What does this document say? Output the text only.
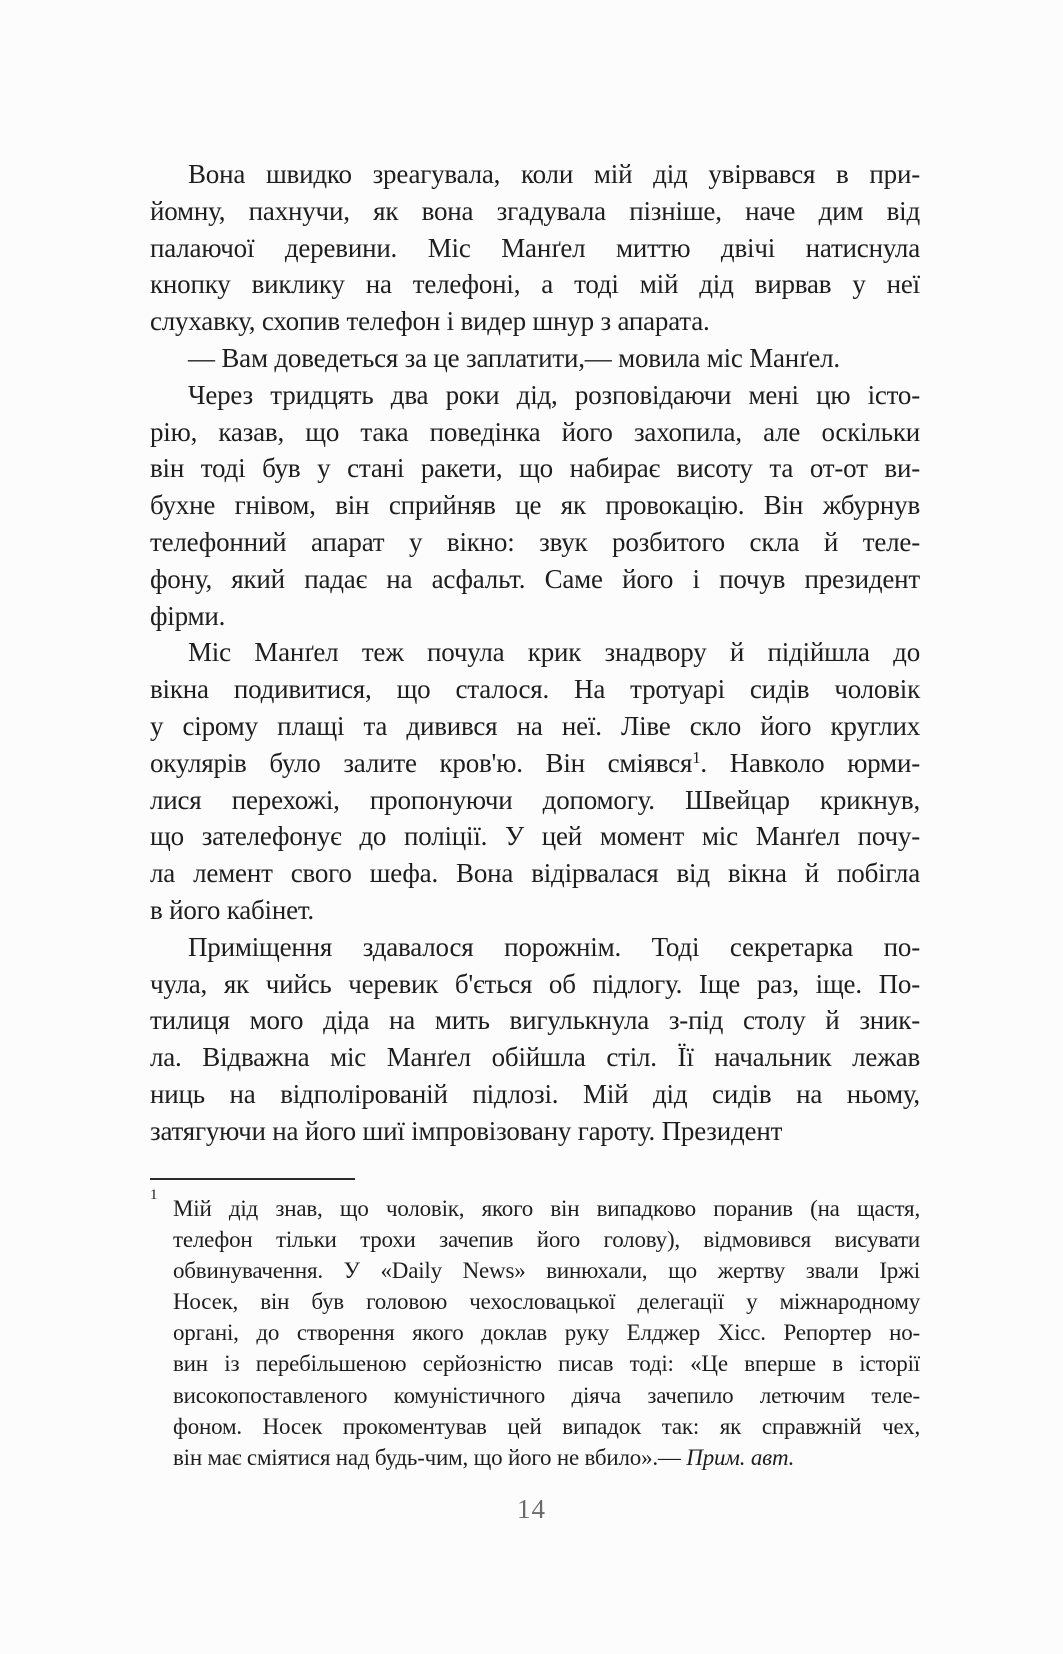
Вона швидко зреагувала, коли мій дід увірвався в при-
йомну, пахнучи, як вона згадувала пізніше, наче дим від
палаючої деревини. Міс Манґел миттю двічі натиснула
кнопку виклику на телефоні, а тоді мій дід вирвав у неї
слухавку, схопив телефон і видер шнур з апарата.
— Вам доведеться за це заплатити,— мовила міс Манґел.
Через тридцять два роки дід, розповідаючи мені цю істо-
рію, казав, що така поведінка його захопила, але оскільки
він тоді був у стані ракети, що набирає висоту та от-от ви-
бухне гнівом, він сприйняв це як провокацію. Він жбурнув
телефонний апарат у вікно: звук розбитого скла й теле-
фону, який падає на асфальт. Саме його і почув президент
фірми.
Міс Манґел теж почула крик знадвору й підійшла до
вікна подивитися, що сталося. На тротуарі сидів чоловік
у сірому плащі та дивився на неї. Ліве скло його круглих
окулярів було залите кров'ю. Він сміявся$^1$. Навколо юрми-
лися перехожі, пропонуючи допомогу. Швейцар крикнув,
що зателефонує до поліції. У цей момент міс Манґел почу-
ла лемент свого шефа. Вона відірвалася від вікна й побігла
в його кабінет.
Приміщення здавалося порожнім. Тоді секретарка по-
чула, як чийсь черевик б'ється об підлогу. Іще раз, іще. По-
тилиця мого діда на мить вигулькнула з-під столу й зник-
ла. Відважна міс Манґел обійшла стіл. Її начальник лежав
ниць на відполірованій підлозі. Мій дід сидів на ньому,
затягуючи на його шиї імпровізовану гароту. Президент
1
Мій дід знав, що чоловік, якого він випадково поранив (на щастя,
телефон тільки трохи зачепив його голову), відмовився висувати
обвинувачення. У «Daily News» винюхали, що жертву звали Іржі
Носек, він був головою чехословацької делегації у міжнародному
органі, до створення якого доклав руку Елджер Хісс. Репортер но-
вин із перебільшеною серйозністю писав тоді: «Це вперше в історії
високопоставленого комуністичного діяча зачепило летючим теле-
фоном. Носек прокоментував цей випадок так: як справжній чех,
він має сміятися над будь-чим, що його не вбило».— Прим. авт.
14
